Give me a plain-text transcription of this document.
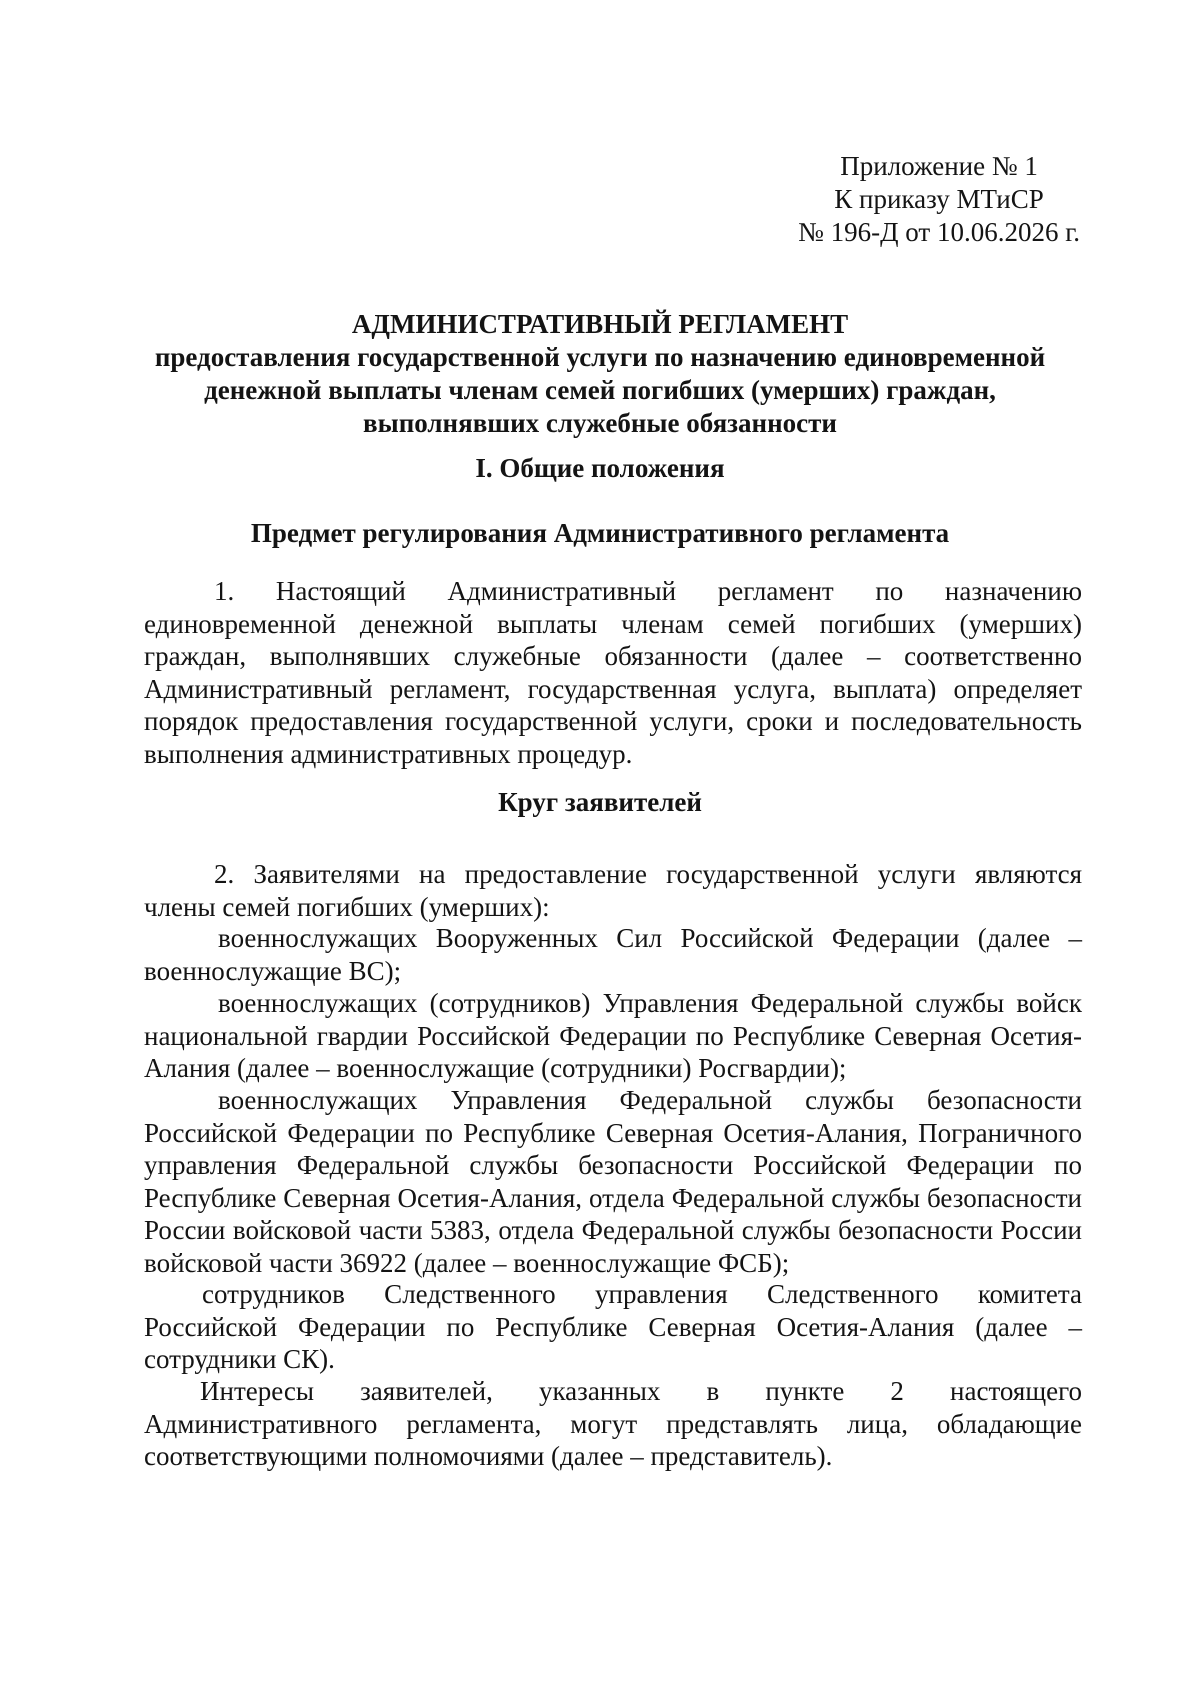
Приложение № 1
К приказу МТиСР
№ 196-Д от 10.06.2026 г.
АДМИНИСТРАТИВНЫЙ РЕГЛАМЕНТ
предоставления государственной услуги по назначению единовременной
денежной выплаты членам семей погибших (умерших) граждан,
выполнявших служебные обязанности
I. Общие положения
Предмет регулирования Административного регламента
1. Настоящий Административный регламент по назначению единовременной денежной выплаты членам семей погибших (умерших) граждан, выполнявших служебные обязанности (далее – соответственно Административный регламент, государственная услуга, выплата) определяет порядок предоставления государственной услуги, сроки и последовательность выполнения административных процедур.
Круг заявителей
2. Заявителями на предоставление государственной услуги являются члены семей погибших (умерших):
военнослужащих Вооруженных Сил Российской Федерации (далее – военнослужащие ВС);
военнослужащих (сотрудников) Управления Федеральной службы войск национальной гвардии Российской Федерации по Республике Северная Осетия-Алания (далее – военнослужащие (сотрудники) Росгвардии);
военнослужащих Управления Федеральной службы безопасности Российской Федерации по Республике Северная Осетия-Алания, Пограничного управления Федеральной службы безопасности Российской Федерации по Республике Северная Осетия-Алания, отдела Федеральной службы безопасности России войсковой части 5383, отдела Федеральной службы безопасности России войсковой части 36922 (далее – военнослужащие ФСБ);
сотрудников Следственного управления Следственного комитета Российской Федерации по Республике Северная Осетия-Алания (далее – сотрудники СК).
Интересы заявителей, указанных в пункте 2 настоящего Административного регламента, могут представлять лица, обладающие соответствующими полномочиями (далее – представитель).
